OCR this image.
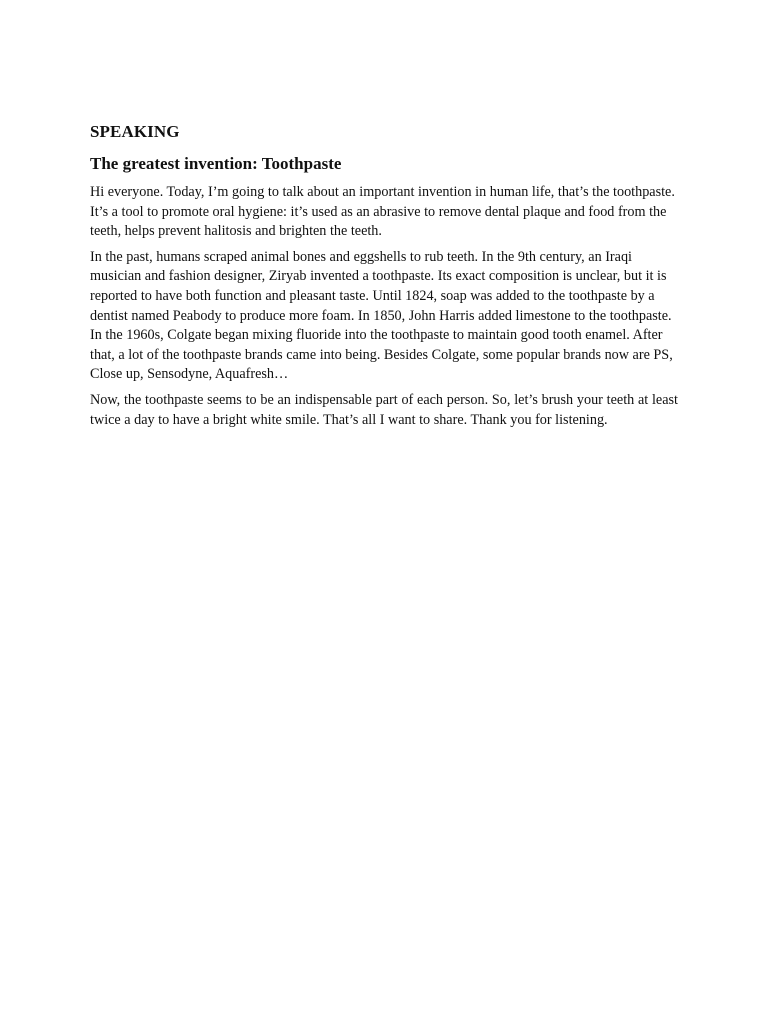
SPEAKING
The greatest invention: Toothpaste

Hi everyone. Today, I’m going to talk about an important invention in human life, that’s the toothpaste. It’s a tool to promote oral hygiene: it’s used as an abrasive to remove dental plaque and food from the teeth, helps prevent halitosis and brighten the teeth.

In the past, humans scraped animal bones and eggshells to rub teeth. In the 9th century, an Iraqi musician and fashion designer, Ziryab invented a toothpaste. Its exact composition is unclear, but it is reported to have both function and pleasant taste. Until 1824, soap was added to the toothpaste by a dentist named Peabody to produce more foam. In 1850, John Harris added limestone to the toothpaste. In the 1960s, Colgate began mixing fluoride into the toothpaste to maintain good tooth enamel. After that, a lot of the toothpaste brands came into being. Besides Colgate, some popular brands now are PS, Close up, Sensodyne, Aquafresh…

Now, the toothpaste seems to be an indispensable part of each person. So, let’s brush your teeth at least twice a day to have a bright white smile. That’s all I want to share. Thank you for listening.
